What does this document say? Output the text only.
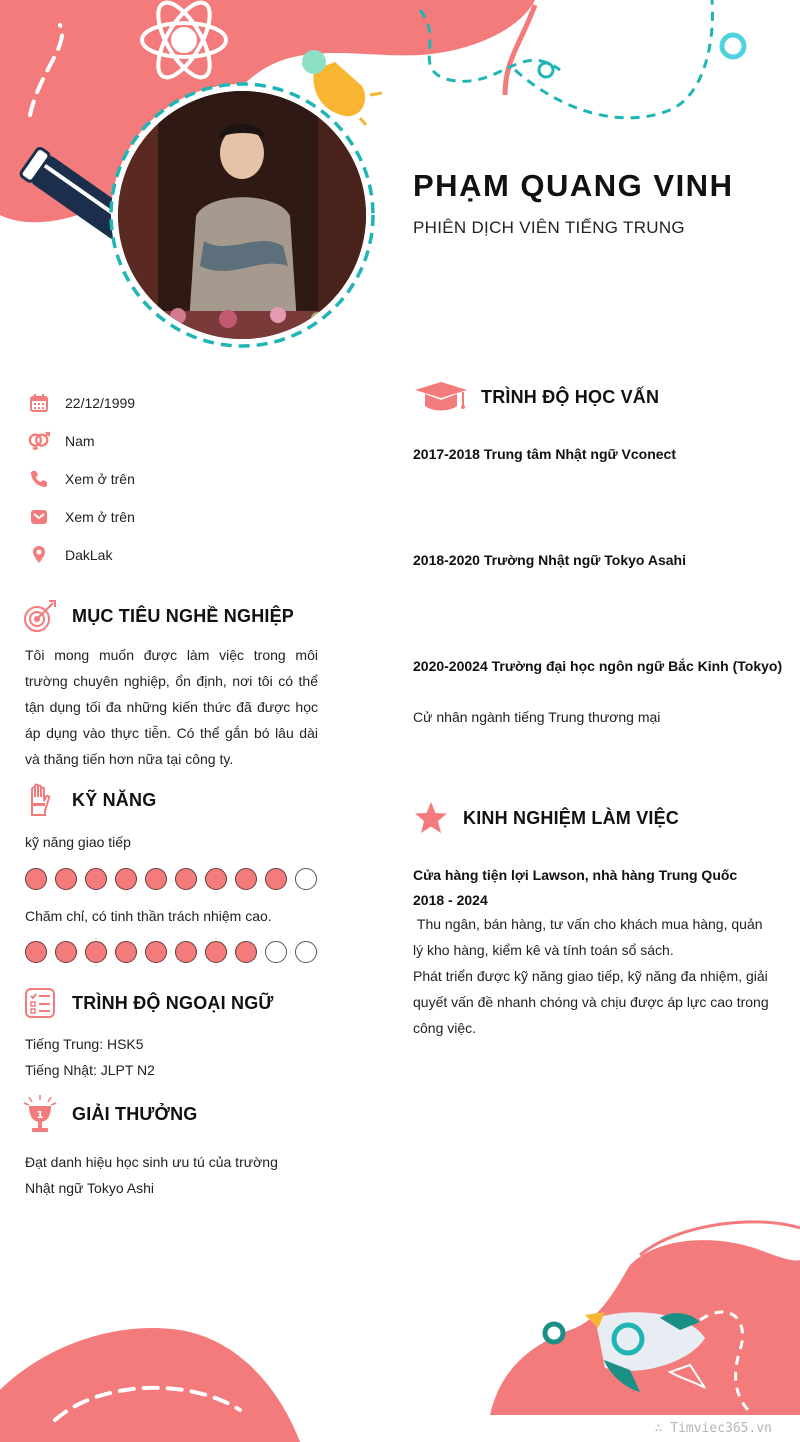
PHẠM QUANG VINH
PHIÊN DỊCH VIÊN TIẾNG TRUNG
22/12/1999
Nam
Xem ở trên
Xem ở trên
DakLak
MỤC TIÊU NGHỀ NGHIỆP
Tôi mong muốn được làm việc trong môi trường chuyên nghiệp, ổn định, nơi tôi có thể tận dụng tối đa những kiến thức đã được học áp dụng vào thực tiễn. Có thể gắn bó lâu dài và thăng tiến hơn nữa tại công ty.
KỸ NĂNG
kỹ năng giao tiếp
Chăm chỉ, có tinh thần trách nhiệm cao.
TRÌNH ĐỘ NGOẠI NGỮ
Tiếng Trung: HSK5
Tiếng Nhật: JLPT N2
1 GIẢI THƯỞNG
Đạt danh hiệu học sinh ưu tú của trường
Nhật ngữ Tokyo Ashi
TRÌNH ĐỘ HỌC VẤN
2017-2018 Trung tâm Nhật ngữ Vconect
2018-2020 Trường Nhật ngữ Tokyo Asahi
2020-20024 Trường đại học ngôn ngữ Bắc Kinh (Tokyo)
Cử nhân ngành tiếng Trung thương mại
KINH NGHIỆM LÀM VIỆC
Cửa hàng tiện lợi Lawson, nhà hàng Trung Quốc
2018 - 2024
Thu ngân, bán hàng, tư vấn cho khách mua hàng, quản lý kho hàng, kiểm kê và tính toán sổ sách.
Phát triển được kỹ năng giao tiếp, kỹ năng đa nhiệm, giải quyết vấn đề nhanh chóng và chịu được áp lực cao trong công việc.
∴ Timviec365.vn
